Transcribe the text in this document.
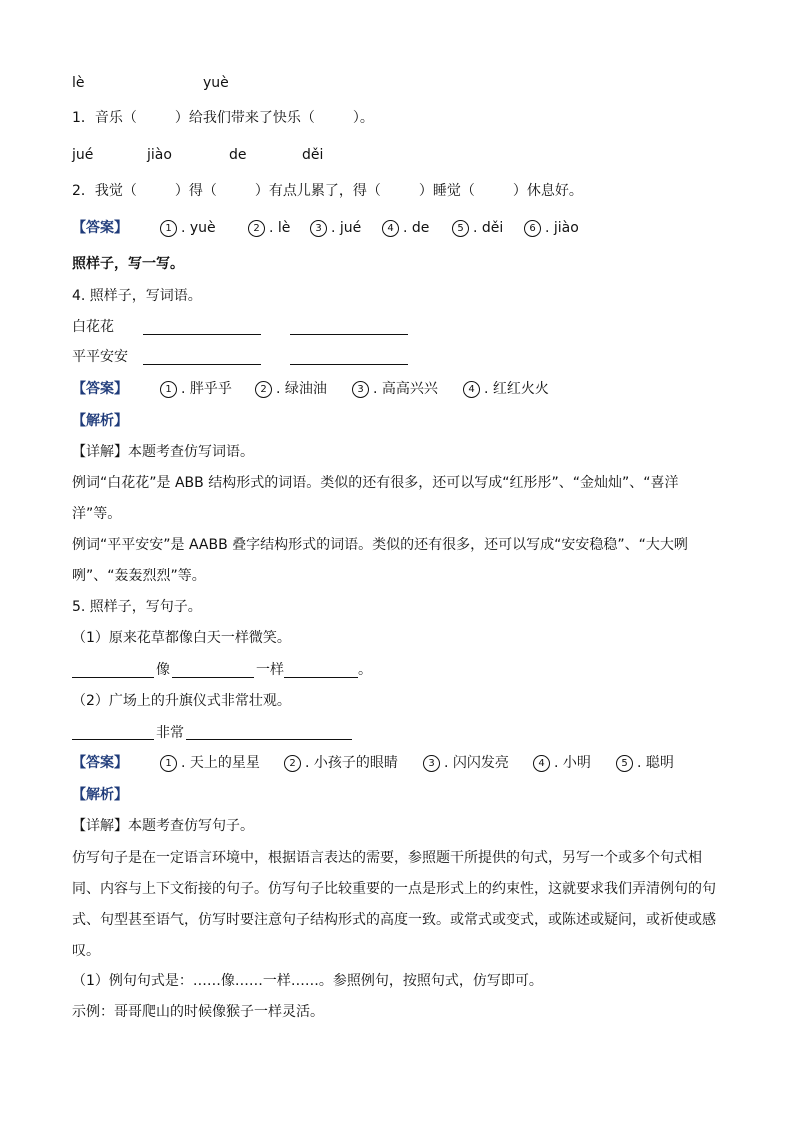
lè	yuè
1．音乐（	）给我们带来了快乐（	）。
jué	jiào	de	děi
2．我觉（	）得（	）有点儿累了，得（	）睡觉（	）休息好。
【答案】	1 . yuè	2 . lè	3 . jué	4 . de	5 . děi	6 . jiào
照样子，写一写。
4. 照样子，写词语。
白花花
平平安安
【答案】	1 . 胖乎乎	2 . 绿油油	3 . 高高兴兴	4 . 红红火火
【解析】
【详解】本题考查仿写词语。
例词“白花花”是 ABB 结构形式的词语。类似的还有很多，还可以写成“红彤彤”、“金灿灿”、“喜洋洋”等。
例词“平平安安”是 AABB 叠字结构形式的词语。类似的还有很多，还可以写成“安安稳稳”、“大大咧咧”、“轰轰烈烈”等。
5. 照样子，写句子。
（1）原来花草都像白天一样微笑。
像	一样	。
（2）广场上的升旗仪式非常壮观。
非常
【答案】	1 . 天上的星星	2 . 小孩子的眼睛	3 . 闪闪发亮	4 . 小明	5 . 聪明
【解析】
【详解】本题考查仿写句子。
仿写句子是在一定语言环境中，根据语言表达的需要，参照题干所提供的句式，另写一个或多个句式相同、内容与上下文衔接的句子。仿写句子比较重要的一点是形式上的约束性，这就要求我们弄清例句的句式、句型甚至语气，仿写时要注意句子结构形式的高度一致。或常式或变式，或陈述或疑问，或祈使或感叹。
（1）例句句式是：……像……一样……。参照例句，按照句式，仿写即可。
示例：哥哥爬山的时候像猴子一样灵活。
